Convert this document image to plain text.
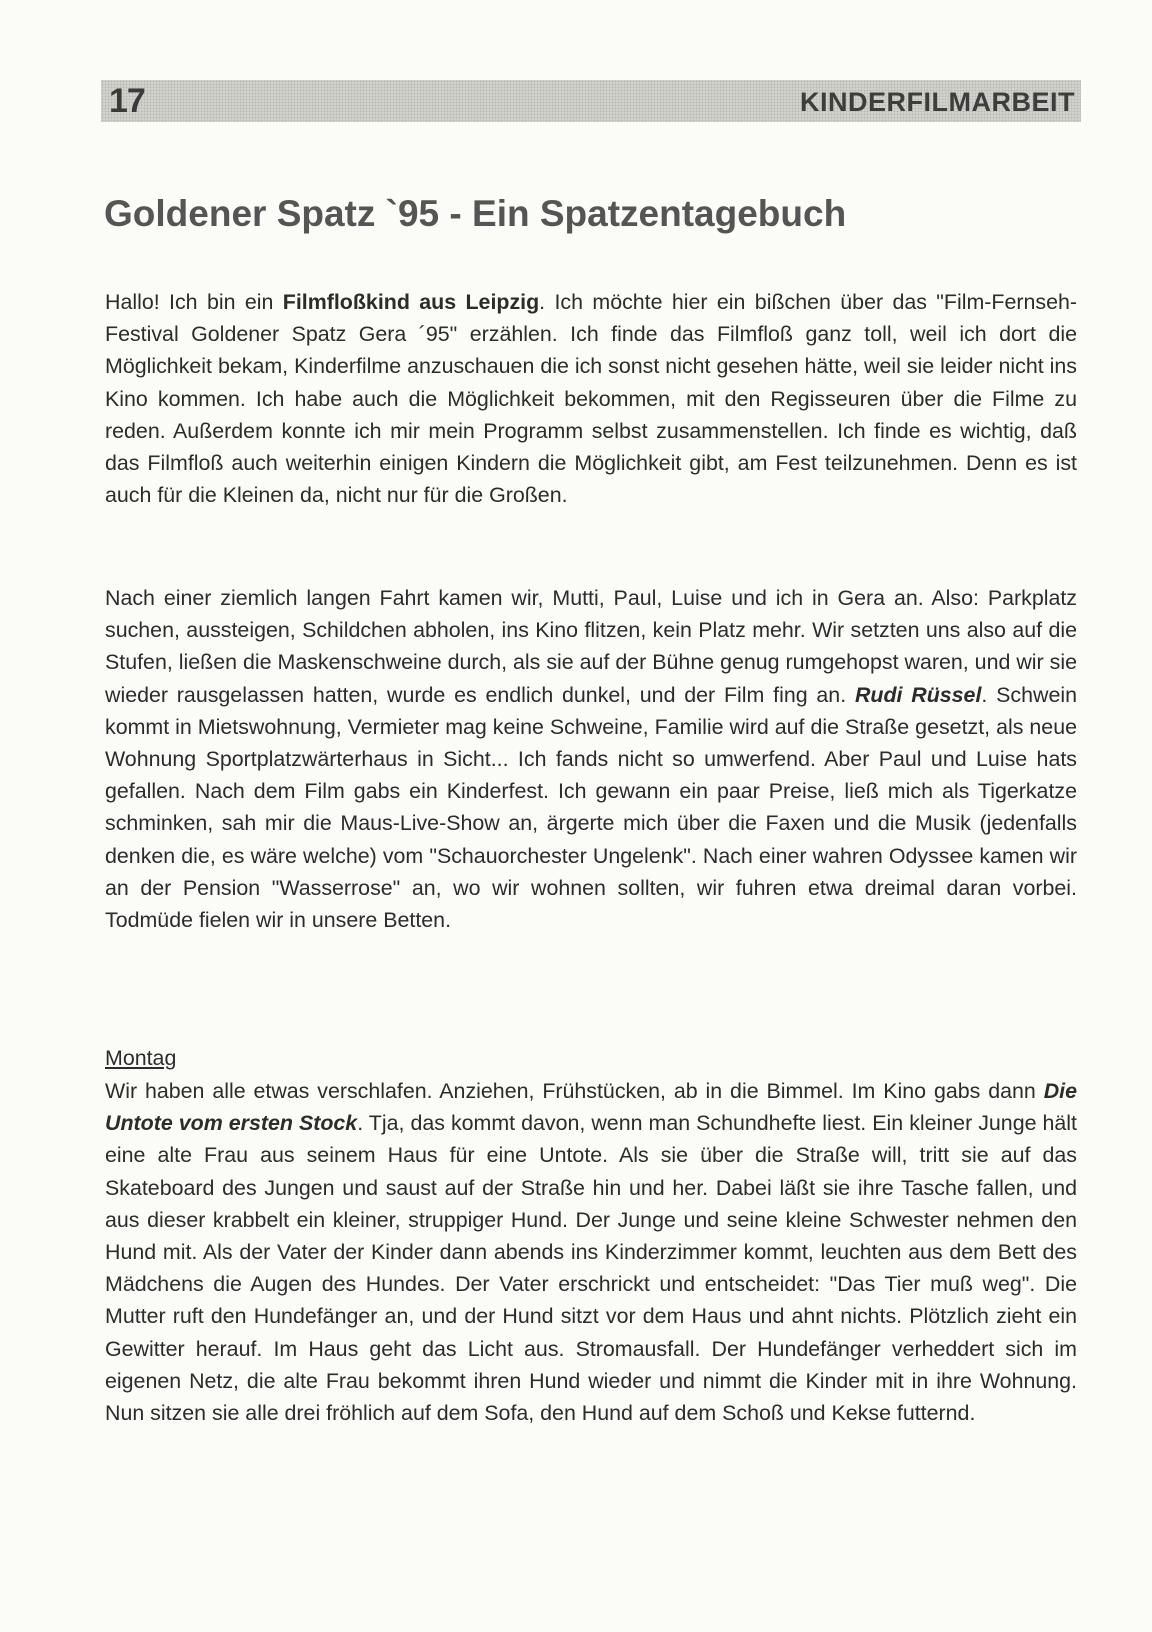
17	KINDERFILMARBEIT
Goldener Spatz `95 - Ein Spatzentagebuch

Hallo! Ich bin ein Filmfloßkind aus Leipzig. Ich möchte hier ein bißchen über das "Film-Fernseh-Festival Goldener Spatz Gera ´95" erzählen. Ich finde das Filmfloß ganz toll, weil ich dort die Möglichkeit bekam, Kinderfilme anzuschauen die ich sonst nicht gesehen hätte, weil sie leider nicht ins Kino kommen. Ich habe auch die Möglichkeit bekommen, mit den Regisseuren über die Filme zu reden. Außerdem konnte ich mir mein Programm selbst zusammenstellen. Ich finde es wichtig, daß das Filmfloß auch weiterhin einigen Kindern die Möglichkeit gibt, am Fest teilzunehmen. Denn es ist auch für die Kleinen da, nicht nur für die Großen.

Nach einer ziemlich langen Fahrt kamen wir, Mutti, Paul, Luise und ich in Gera an. Also: Parkplatz suchen, aussteigen, Schildchen abholen, ins Kino flitzen, kein Platz mehr. Wir setzten uns also auf die Stufen, ließen die Maskenschweine durch, als sie auf der Bühne genug rumgehopst waren, und wir sie wieder rausgelassen hatten, wurde es endlich dunkel, und der Film fing an. Rudi Rüssel. Schwein kommt in Mietswohnung, Vermieter mag keine Schweine, Familie wird auf die Straße gesetzt, als neue Wohnung Sportplatzwärterhaus in Sicht... Ich fands nicht so umwerfend. Aber Paul und Luise hats gefallen. Nach dem Film gabs ein Kinderfest. Ich gewann ein paar Preise, ließ mich als Tigerkatze schminken, sah mir die Maus-Live-Show an, ärgerte mich über die Faxen und die Musik (jedenfalls denken die, es wäre welche) vom "Schauorchester Ungelenk". Nach einer wahren Odyssee kamen wir an der Pension "Wasserrose" an, wo wir wohnen sollten, wir fuhren etwa dreimal daran vorbei. Todmüde fielen wir in unsere Betten.

Montag

Wir haben alle etwas verschlafen. Anziehen, Frühstücken, ab in die Bimmel. Im Kino gabs dann Die Untote vom ersten Stock. Tja, das kommt davon, wenn man Schundhefte liest. Ein kleiner Junge hält eine alte Frau aus seinem Haus für eine Untote. Als sie über die Straße will, tritt sie auf das Skateboard des Jungen und saust auf der Straße hin und her. Dabei läßt sie ihre Tasche fallen, und aus dieser krabbelt ein kleiner, struppiger Hund. Der Junge und seine kleine Schwester nehmen den Hund mit. Als der Vater der Kinder dann abends ins Kinderzimmer kommt, leuchten aus dem Bett des Mädchens die Augen des Hundes. Der Vater erschrickt und entscheidet: "Das Tier muß weg". Die Mutter ruft den Hundefänger an, und der Hund sitzt vor dem Haus und ahnt nichts. Plötzlich zieht ein Gewitter herauf. Im Haus geht das Licht aus. Stromausfall. Der Hundefänger verheddert sich im eigenen Netz, die alte Frau bekommt ihren Hund wieder und nimmt die Kinder mit in ihre Wohnung. Nun sitzen sie alle drei fröhlich auf dem Sofa, den Hund auf dem Schoß und Kekse futternd.
